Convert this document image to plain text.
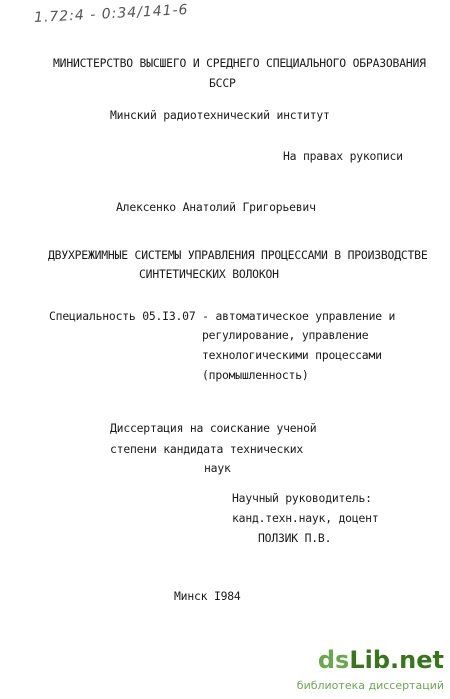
1.72:4 - 0:34/141-6
МИНИСТЕРСТВО ВЫСШЕГО И СРЕДНЕГО СПЕЦИАЛЬНОГО ОБРАЗОВАНИЯ
БССР
Минский радиотехнический институт
На правах рукописи
Алексенко Анатолий Григорьевич
ДВУХРЕЖИМНЫЕ СИСТЕМЫ УПРАВЛЕНИЯ ПРОЦЕССАМИ В ПРОИЗВОДСТВЕ
СИНТЕТИЧЕСКИХ ВОЛОКОН
Специальность 05.I3.07 - автоматическое управление и
регулирование, управление
технологическими процессами
(промышленность)
Диссертация на соискание ученой
степени кандидата технических
наук
Научный руководитель:
канд.техн.наук, доцент
ПОЛЗИК П.В.
Минск I984
dsLib.net
библиотека диссертаций
